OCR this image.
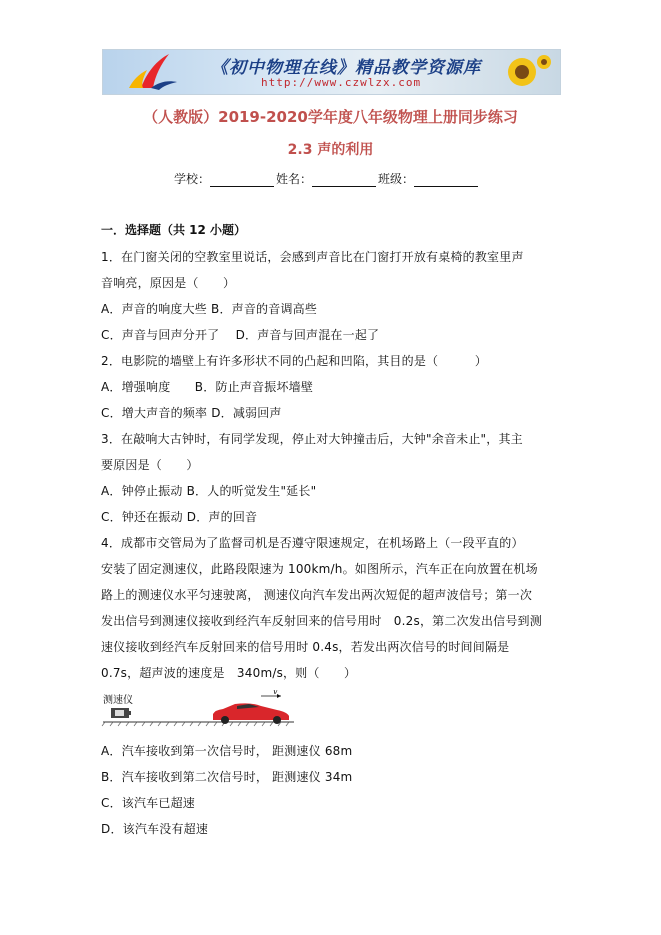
《初中物理在线》精品教学资源库
http://www.czwlzx.com
（人教版）2019-2020学年度八年级物理上册同步练习
2.3 声的利用
学校：	姓名：	班级：
一．选择题（共 12 小题）
1．在门窗关闭的空教室里说话，会感到声音比在门窗打开放有桌椅的教室里声
音响亮，原因是（　　）
A．声音的响度大些 B．声音的音调高些
C．声音与回声分开了　 D．声音与回声混在一起了
2．电影院的墙壁上有许多形状不同的凸起和凹陷，其目的是（　　　）
A．增强响度　　B．防止声音振坏墙壁
C．增大声音的频率 D．减弱回声
3．在敲响大古钟时，有同学发现，停止对大钟撞击后，大钟"余音未止"，其主
要原因是（　　）
A．钟停止振动 B．人的听觉发生"延长"
C．钟还在振动 D．声的回音
4．成都市交管局为了监督司机是否遵守限速规定，在机场路上（一段平直的）
安装了固定测速仪，此路段限速为 100km/h。如图所示，汽车正在向放置在机场
路上的测速仪水平匀速驶离， 测速仪向汽车发出两次短促的超声波信号；第一次
发出信号到测速仪接收到经汽车反射回来的信号用时　0.2s，第二次发出信号到测
速仪接收到经汽车反射回来的信号用时 0.4s，若发出两次信号的时间间隔是
0.7s，超声波的速度是　340m/s，则（　　）
测速仪
v
A．汽车接收到第一次信号时， 距测速仪 68m
B．汽车接收到第二次信号时， 距测速仪 34m
C．该汽车已超速
D．该汽车没有超速
